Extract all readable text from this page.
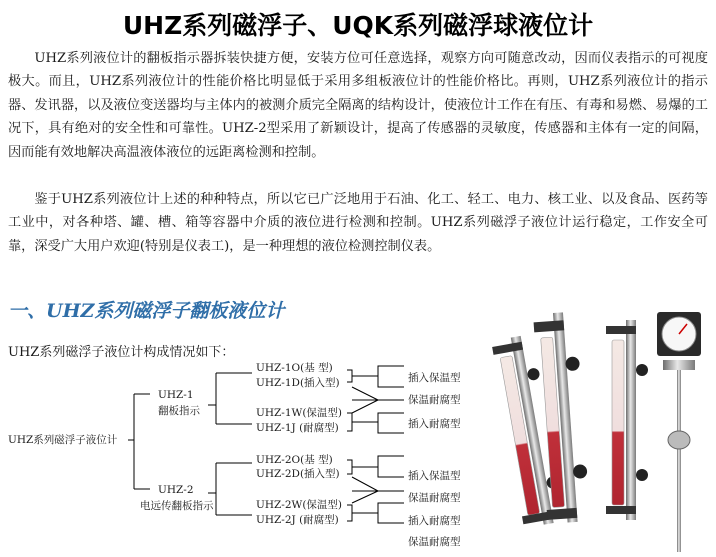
UHZ系列磁浮子、UQK系列磁浮球液位计

UHZ系列液位计的翻板指示器拆装快捷方便，安装方位可任意选择，观察方向可随意改动，因而仪表指示的可视度极大。而且，UHZ系列液位计的性能价格比明显低于采用多组板液位计的性能价格比。再则，UHZ系列液位计的指示器、发讯器，以及液位变送器均与主体内的被测介质完全隔离的结构设计，使液位计工作在有压、有毒和易燃、易爆的工况下，具有绝对的安全性和可靠性。UHZ-2型采用了新颖设计，提高了传感器的灵敏度，传感器和主体有一定的间隔，因而能有效地解决高温液体液位的远距离检测和控制。

鉴于UHZ系列液位计上述的种种特点，所以它已广泛地用于石油、化工、轻工、电力、核工业、以及食品、医药等工业中，对各种塔、罐、槽、箱等容器中介质的液位进行检测和控制。UHZ系列磁浮子液位计运行稳定，工作安全可靠，深受广大用户欢迎(特别是仪表工)，是一种理想的液位检测控制仪表。

一、UHZ系列磁浮子翻板液位计
UHZ系列磁浮子液位计构成情况如下：
UHZ系列磁浮子液位计
UHZ-1
翻板指示
UHZ-2
电远传翻板指示
UHZ-1O(基 型)
UHZ-1D(插入型)
UHZ-1W(保温型)
UHZ-1J (耐腐型)
UHZ-2O(基 型)
UHZ-2D(插入型)
UHZ-2W(保温型)
UHZ-2J (耐腐型)
插入保温型
保温耐腐型
插入耐腐型
插入保温型
保温耐腐型
插入耐腐型
保温耐腐型
